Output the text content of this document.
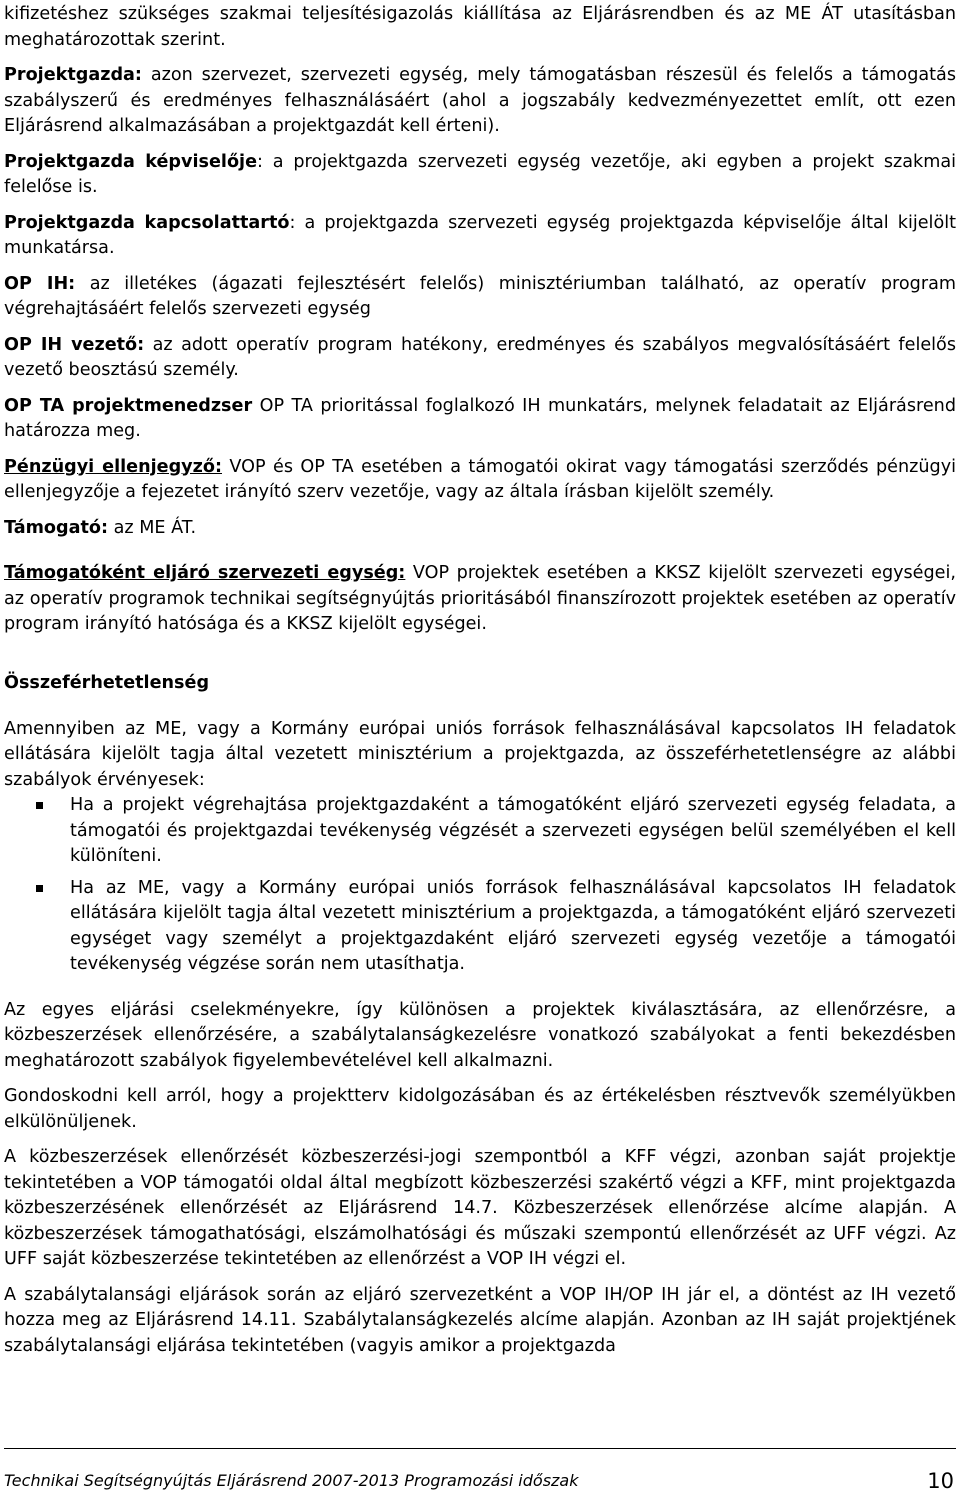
kifizetéshez szükséges szakmai teljesítésigazolás kiállítása az Eljárásrendben és az ME ÁT utasításban meghatározottak szerint.

Projektgazda: azon szervezet, szervezeti egység, mely támogatásban részesül és felelős a támogatás szabályszerű és eredményes felhasználásáért (ahol a jogszabály kedvezményezettet említ, ott ezen Eljárásrend alkalmazásában a projektgazdát kell érteni).

Projektgazda képviselője: a projektgazda szervezeti egység vezetője, aki egyben a projekt szakmai felelőse is.

Projektgazda kapcsolattartó: a projektgazda szervezeti egység projektgazda képviselője által kijelölt munkatársa.

OP IH: az illetékes (ágazati fejlesztésért felelős) minisztériumban található, az operatív program végrehajtásáért felelős szervezeti egység

OP IH vezető: az adott operatív program hatékony, eredményes és szabályos megvalósításáért felelős vezető beosztású személy.

OP TA projektmenedzser OP TA prioritással foglalkozó IH munkatárs, melynek feladatait az Eljárásrend határozza meg.

Pénzügyi ellenjegyző: VOP és OP TA esetében a támogatói okirat vagy támogatási szerződés pénzügyi ellenjegyzője a fejezetet irányító szerv vezetője, vagy az általa írásban kijelölt személy.

Támogató: az ME ÁT.

Támogatóként eljáró szervezeti egység: VOP projektek esetében a KKSZ kijelölt szervezeti egységei, az operatív programok technikai segítségnyújtás prioritásából finanszírozott projektek esetében az operatív program irányító hatósága és a KKSZ kijelölt egységei.

Összeférhetetlenség

Amennyiben az ME, vagy a Kormány európai uniós források felhasználásával kapcsolatos IH feladatok ellátására kijelölt tagja által vezetett minisztérium a projektgazda, az összeférhetetlenségre az alábbi szabályok érvényesek:

Ha a projekt végrehajtása projektgazdaként a támogatóként eljáró szervezeti egység feladata, a támogatói és projektgazdai tevékenység végzését a szervezeti egységen belül személyében el kell különíteni.
Ha az ME, vagy a Kormány európai uniós források felhasználásával kapcsolatos IH feladatok ellátására kijelölt tagja által vezetett minisztérium a projektgazda, a támogatóként eljáró szervezeti egységet vagy személyt a projektgazdaként eljáró szervezeti egység vezetője a támogatói tevékenység végzése során nem utasíthatja.

Az egyes eljárási cselekményekre, így különösen a projektek kiválasztására, az ellenőrzésre, a közbeszerzések ellenőrzésére, a szabálytalanságkezelésre vonatkozó szabályokat a fenti bekezdésben meghatározott szabályok figyelembevételével kell alkalmazni.

Gondoskodni kell arról, hogy a projektterv kidolgozásában és az értékelésben résztvevők személyükben elkülönüljenek.

A közbeszerzések ellenőrzését közbeszerzési-jogi szempontból a KFF végzi, azonban saját projektje tekintetében a VOP támogatói oldal által megbízott közbeszerzési szakértő végzi a KFF, mint projektgazda közbeszerzésének ellenőrzését az Eljárásrend 14.7. Közbeszerzések ellenőrzése alcíme alapján. A közbeszerzések támogathatósági, elszámolhatósági és műszaki szempontú ellenőrzését az UFF végzi. Az UFF saját közbeszerzése tekintetében az ellenőrzést a VOP IH végzi el.

A szabálytalansági eljárások során az eljáró szervezetként a VOP IH/OP IH jár el, a döntést az IH vezető hozza meg az Eljárásrend 14.11. Szabálytalanságkezelés alcíme alapján. Azonban az IH saját projektjének szabálytalansági eljárása tekintetében (vagyis amikor a projektgazda

Technikai Segítségnyújtás Eljárásrend 2007-2013 Programozási időszak	10
